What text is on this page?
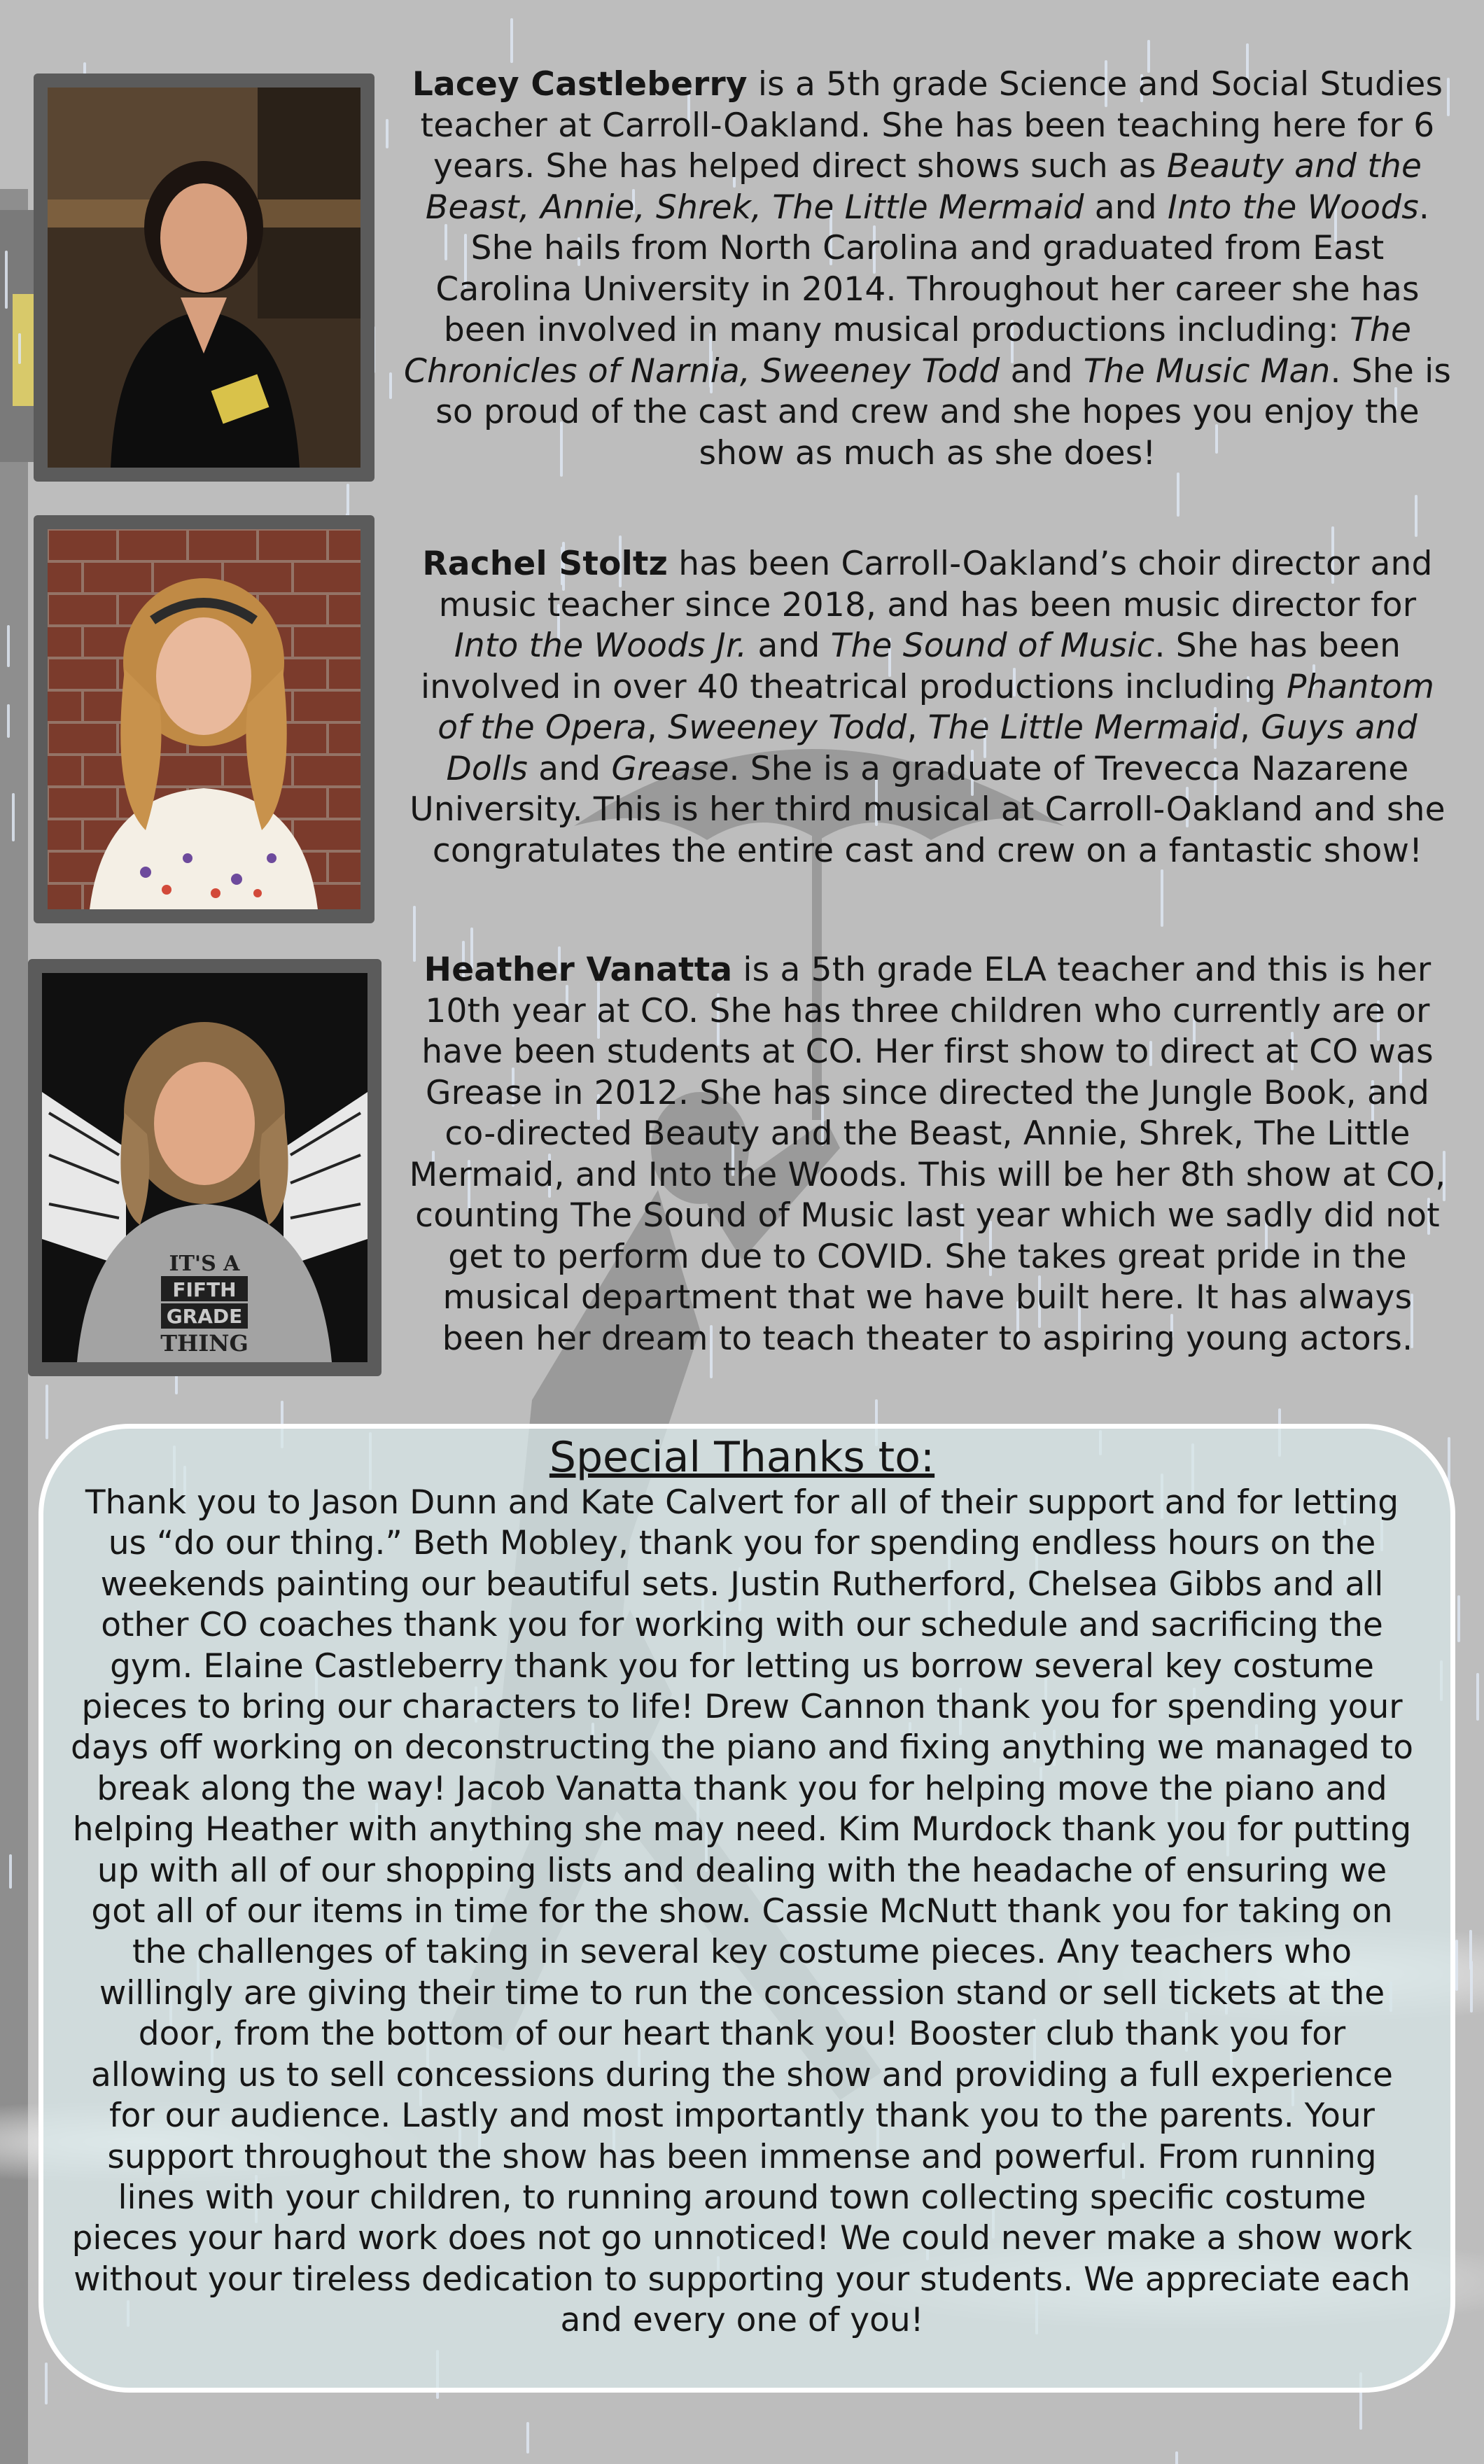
IT'S A
FIFTH
GRADE
THING
Lacey Castleberry is a 5th grade Science and Social Studies teacher at Carroll-Oakland. She has been teaching here for 6 years. She has helped direct shows such as Beauty and the Beast, Annie, Shrek, The Little Mermaid and Into the Woods. She hails from North Carolina and graduated from East Carolina University in 2014. Throughout her career she has been involved in many musical productions including: The Chronicles of Narnia, Sweeney Todd and The Music Man. She is so proud of the cast and crew and she hopes you enjoy the show as much as she does!
Rachel Stoltz has been Carroll-Oakland’s choir director and music teacher since 2018, and has been music director for Into the Woods Jr. and The Sound of Music. She has been involved in over 40 theatrical productions including Phantom of the Opera, Sweeney Todd, The Little Mermaid, Guys and Dolls and Grease. She is a graduate of Trevecca Nazarene University. This is her third musical at Carroll-Oakland and she congratulates the entire cast and crew on a fantastic show!
Heather Vanatta is a 5th grade ELA teacher and this is her 10th year at CO. She has three children who currently are or have been students at CO. Her first show to direct at CO was Grease in 2012. She has since directed the Jungle Book, and co-directed Beauty and the Beast, Annie, Shrek, The Little Mermaid, and Into the Woods. This will be her 8th show at CO, counting The Sound of Music last year which we sadly did not get to perform due to COVID. She takes great pride in the musical department that we have built here. It has always been her dream to teach theater to aspiring young actors.
Special Thanks to:
Thank you to Jason Dunn and Kate Calvert for all of their support and for letting us “do our thing.” Beth Mobley, thank you for spending endless hours on the weekends painting our beautiful sets. Justin Rutherford, Chelsea Gibbs and all other CO coaches thank you for working with our schedule and sacrificing the gym. Elaine Castleberry thank you for letting us borrow several key costume pieces to bring our characters to life! Drew Cannon thank you for spending your days off working on deconstructing the piano and fixing anything we managed to break along the way! Jacob Vanatta thank you for helping move the piano and helping Heather with anything she may need. Kim Murdock thank you for putting up with all of our shopping lists and dealing with the headache of ensuring we got all of our items in time for the show. Cassie McNutt thank you for taking on the challenges of taking in several key costume pieces. Any teachers who willingly are giving their time to run the concession stand or sell tickets at the door, from the bottom of our heart thank you! Booster club thank you for allowing us to sell concessions during the show and providing a full experience for our audience. Lastly and most importantly thank you to the parents. Your support throughout the show has been immense and powerful. From running lines with your children, to running around town collecting specific costume pieces your hard work does not go unnoticed! We could never make a show work without your tireless dedication to supporting your students. We appreciate each and every one of you!
